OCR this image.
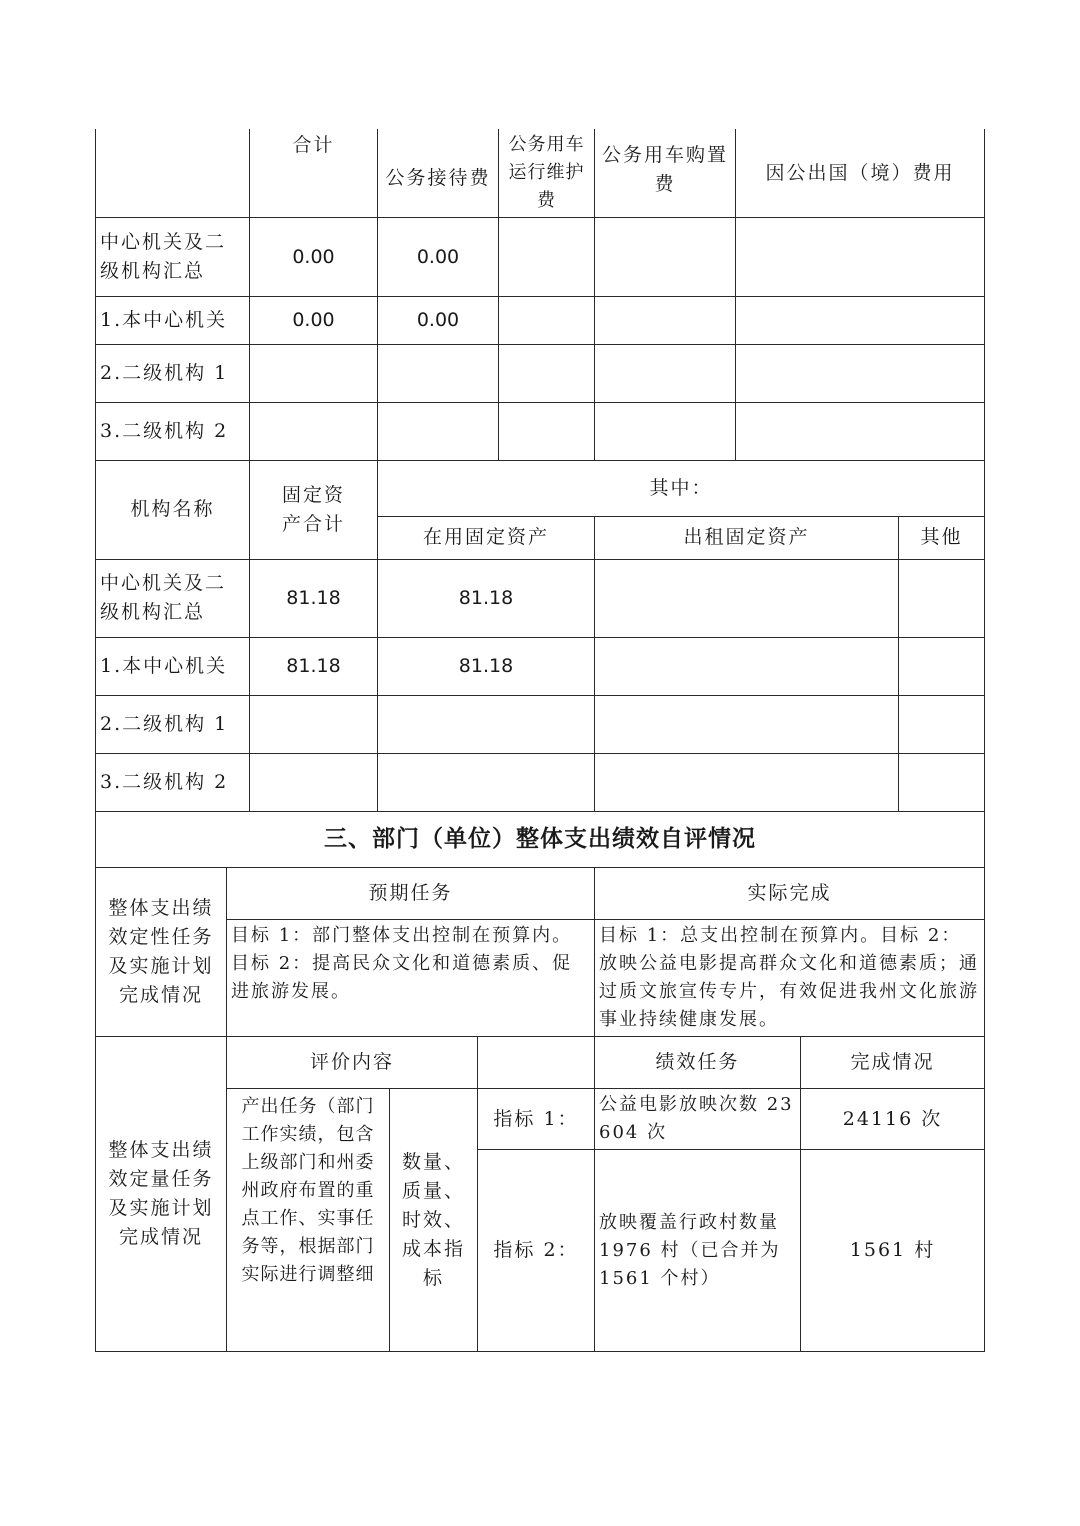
	合计	公务接待费	公务用车运行维护费	公务用车购置费	因公出国（境）费用
中心机关及二级机构汇总	0.00	0.00			
1.本中心机关	0.00	0.00			
2.二级机构 1					
3.二级机构 2					
机构名称	固定资产合计	其中：		
		在用固定资产	出租固定资产	其他
中心机关及二级机构汇总	81.18	81.18		
1.本中心机关	81.18	81.18		
2.二级机构 1				
3.二级机构 2				
三、部门（单位）整体支出绩效自评情况					
整体支出绩效定性任务及实施计划完成情况	预期任务			实际完成	
	目标 1：部门整体支出控制在预算内。目标 2：提高民众文化和道德素质、促进旅游发展。			目标 1：总支出控制在预算内。目标 2：放映公益电影提高群众文化和道德素质；通过质文旅宣传专片，有效促进我州文化旅游事业持续健康发展。	
整体支出绩效定量任务及实施计划完成情况	评价内容			绩效任务	完成情况
	产出任务（部门工作实绩，包含上级部门和州委州政府布置的重点工作、实事任务等，根据部门实际进行调整细	数量、质量、时效、成本指标	指标 1：	公益电影放映次数 23604 次	24116 次
			指标 2：	放映覆盖行政村数量 1976 村（已合并为 1561 个村）	1561 村
